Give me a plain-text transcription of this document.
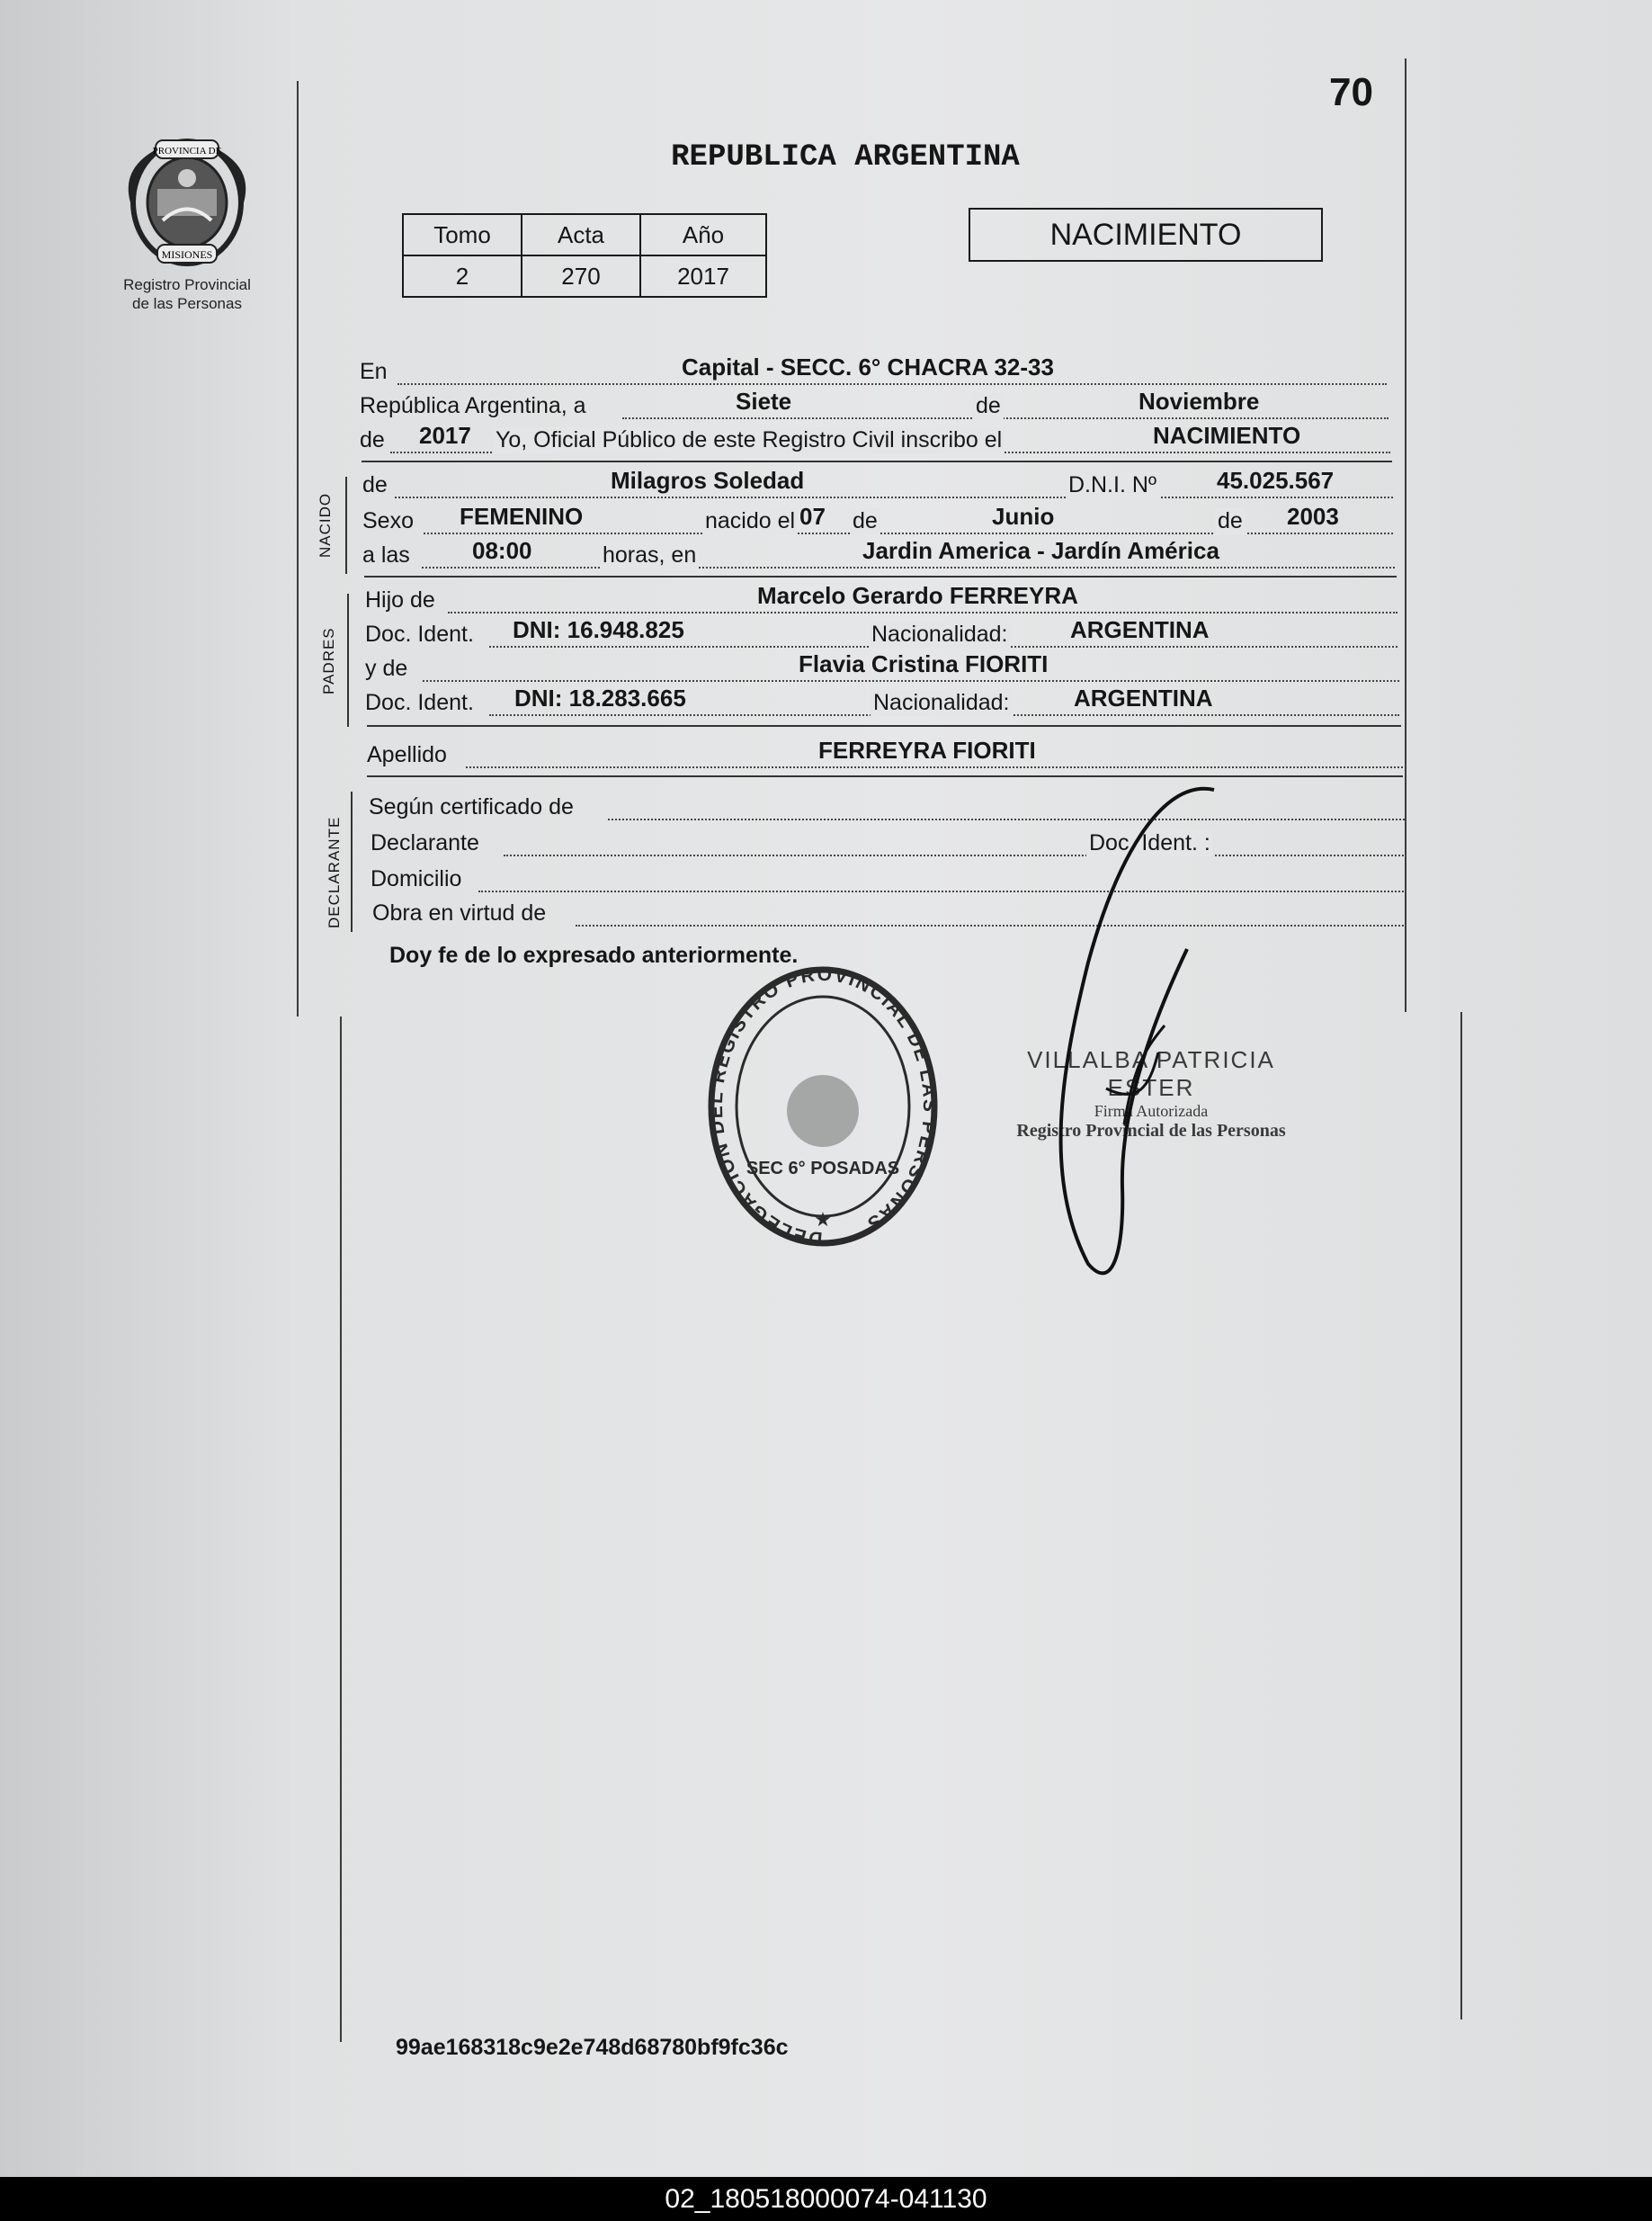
PROVINCIA DE
MISIONES
Registro Provincial
de las Personas
70
REPUBLICA ARGENTINA
Tomo	Acta	Año
2	270	2017
NACIMIENTO
En	Capital - SECC. 6° CHACRA 32-33
República Argentina, a	Siete	de	Noviembre
de 2017 Yo, Oficial Público de este Registro Civil inscribo el	NACIMIENTO
NACIDO
de	Milagros Soledad	D.N.I. Nº	45.025.567
Sexo FEMENINO	nacido el 07 de	Junio	de 2003
a las	08:00	horas, en	Jardin America - Jardín América
PADRES
Hijo de	Marcelo Gerardo FERREYRA
Doc. Ident. DNI: 16.948.825	Nacionalidad:	ARGENTINA
y de	Flavia Cristina FIORITI
Doc. Ident. DNI: 18.283.665	Nacionalidad:	ARGENTINA
Apellido	FERREYRA FIORITI
DECLARANTE
Según certificado de
Declarante	Doc. Ident. :
Domicilio
Obra en virtud de
Doy fe de lo expresado anteriormente.
DELEGACION DEL REGISTRO PROVINCIAL DE LAS PERSONAS
SEC 6° POSADAS
★
VILLALBA PATRICIA ESTER
Firma Autorizada
Registro Provincial de las Personas
99ae168318c9e2e748d68780bf9fc36c
02_180518000074-041130
